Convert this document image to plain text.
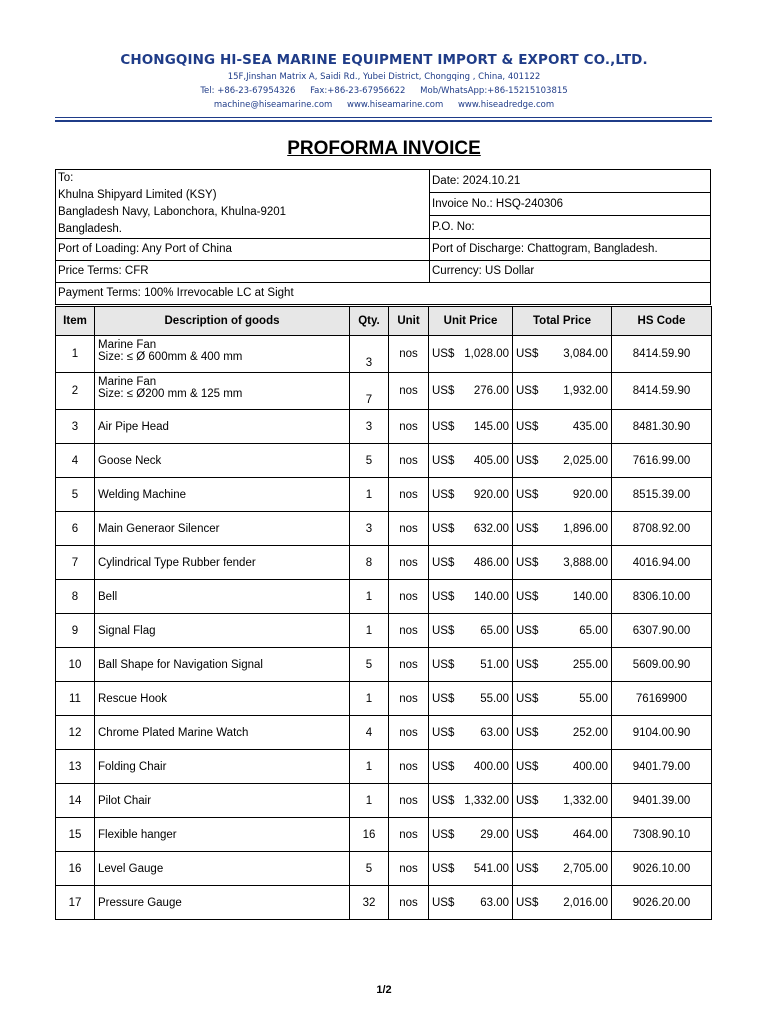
CHONGQING HI-SEA MARINE EQUIPMENT IMPORT & EXPORT CO.,LTD.
15F,Jinshan Matrix A, Saidi Rd., Yubei District, Chongqing , China, 401122
Tel: +86-23-67954326 Fax:+86-23-67956622 Mob/WhatsApp:+86-15215103815
machine@hiseamarine.com www.hiseamarine.com www.hiseadredge.com
PROFORMA INVOICE
To:
Khulna Shipyard Limited (KSY)
Bangladesh Navy, Labonchora, Khulna-9201
Bangladesh.	Date: 2024.10.21
	Invoice No.: HSQ-240306
	P.O. No:
Port of Loading: Any Port of China	Port of Discharge: Chattogram, Bangladesh.
Price Terms: CFR	Currency: US Dollar
Payment Terms: 100% Irrevocable LC at Sight	
Item	Description of goods	Qty.	Unit	Unit Price	Total Price	HS Code
1	Marine Fan
Size: ≤ Ø 600mm & 400 mm	3	nos	US$ 1,028.00	US$ 3,084.00	8414.59.90
2	Marine Fan
Size: ≤ Ø200 mm & 125 mm	7	nos	US$ 276.00	US$ 1,932.00	8414.59.90
3	Air Pipe Head	3	nos	US$ 145.00	US$ 435.00	8481.30.90
4	Goose Neck	5	nos	US$ 405.00	US$ 2,025.00	7616.99.00
5	Welding Machine	1	nos	US$ 920.00	US$ 920.00	8515.39.00
6	Main Generaor Silencer	3	nos	US$ 632.00	US$ 1,896.00	8708.92.00
7	Cylindrical Type Rubber fender	8	nos	US$ 486.00	US$ 3,888.00	4016.94.00
8	Bell	1	nos	US$ 140.00	US$ 140.00	8306.10.00
9	Signal Flag	1	nos	US$ 65.00	US$ 65.00	6307.90.00
10	Ball Shape for Navigation Signal	5	nos	US$ 51.00	US$ 255.00	5609.00.90
11	Rescue Hook	1	nos	US$ 55.00	US$ 55.00	76169900
12	Chrome Plated Marine Watch	4	nos	US$ 63.00	US$ 252.00	9104.00.90
13	Folding Chair	1	nos	US$ 400.00	US$ 400.00	9401.79.00
14	Pilot Chair	1	nos	US$ 1,332.00	US$ 1,332.00	9401.39.00
15	Flexible hanger	16	nos	US$ 29.00	US$ 464.00	7308.90.10
16	Level Gauge	5	nos	US$ 541.00	US$ 2,705.00	9026.10.00
17	Pressure Gauge	32	nos	US$ 63.00	US$ 2,016.00	9026.20.00
1/2
